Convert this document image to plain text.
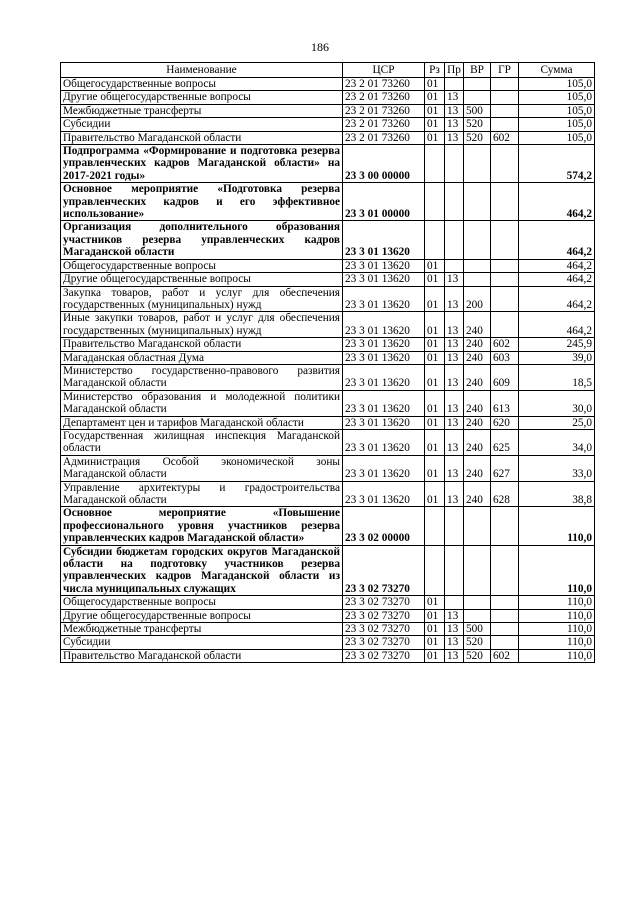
186
Наименование	ЦСР	Рз	Пр	ВР	ГР	Сумма
Общегосударственные вопросы	23 2 01 73260	01				105,0
Другие общегосударственные вопросы	23 2 01 73260	01	13			105,0
Межбюджетные трансферты	23 2 01 73260	01	13	500		105,0
Субсидии	23 2 01 73260	01	13	520		105,0
Правительство Магаданской области	23 2 01 73260	01	13	520	602	105,0
Подпрограмма «Формирование и подготовка резерва управленческих кадров Магаданской области» на 2017-2021 годы»	23 3 00 00000					574,2
Основное мероприятие «Подготовка резерва управленческих кадров и его эффективное использование»	23 3 01 00000					464,2
Организация дополнительного образования участников резерва управленческих кадров Магаданской области	23 3 01 13620					464,2
Общегосударственные вопросы	23 3 01 13620	01				464,2
Другие общегосударственные вопросы	23 3 01 13620	01	13			464,2
Закупка товаров, работ и услуг для обеспечения государственных (муниципальных) нужд	23 3 01 13620	01	13	200		464,2
Иные закупки товаров, работ и услуг для обеспечения государственных (муниципальных) нужд	23 3 01 13620	01	13	240		464,2
Правительство Магаданской области	23 3 01 13620	01	13	240	602	245,9
Магаданская областная Дума	23 3 01 13620	01	13	240	603	39,0
Министерство государственно-правового развития Магаданской области	23 3 01 13620	01	13	240	609	18,5
Министерство образования и молодежной политики Магаданской области	23 3 01 13620	01	13	240	613	30,0
Департамент цен и тарифов Магаданской области	23 3 01 13620	01	13	240	620	25,0
Государственная жилищная инспекция Магаданской области	23 3 01 13620	01	13	240	625	34,0
Администрация Особой экономической зоны Магаданской области	23 3 01 13620	01	13	240	627	33,0
Управление архитектуры и градостроительства Магаданской области	23 3 01 13620	01	13	240	628	38,8
Основное мероприятие «Повышение профессионального уровня участников резерва управленческих кадров Магаданской области»	23 3 02 00000					110,0
Субсидии бюджетам городских округов Магаданской области на подготовку участников резерва управленческих кадров Магаданской области из числа муниципальных служащих	23 3 02 73270					110,0
Общегосударственные вопросы	23 3 02 73270	01				110,0
Другие общегосударственные вопросы	23 3 02 73270	01	13			110,0
Межбюджетные трансферты	23 3 02 73270	01	13	500		110,0
Субсидии	23 3 02 73270	01	13	520		110,0
Правительство Магаданской области	23 3 02 73270	01	13	520	602	110,0
